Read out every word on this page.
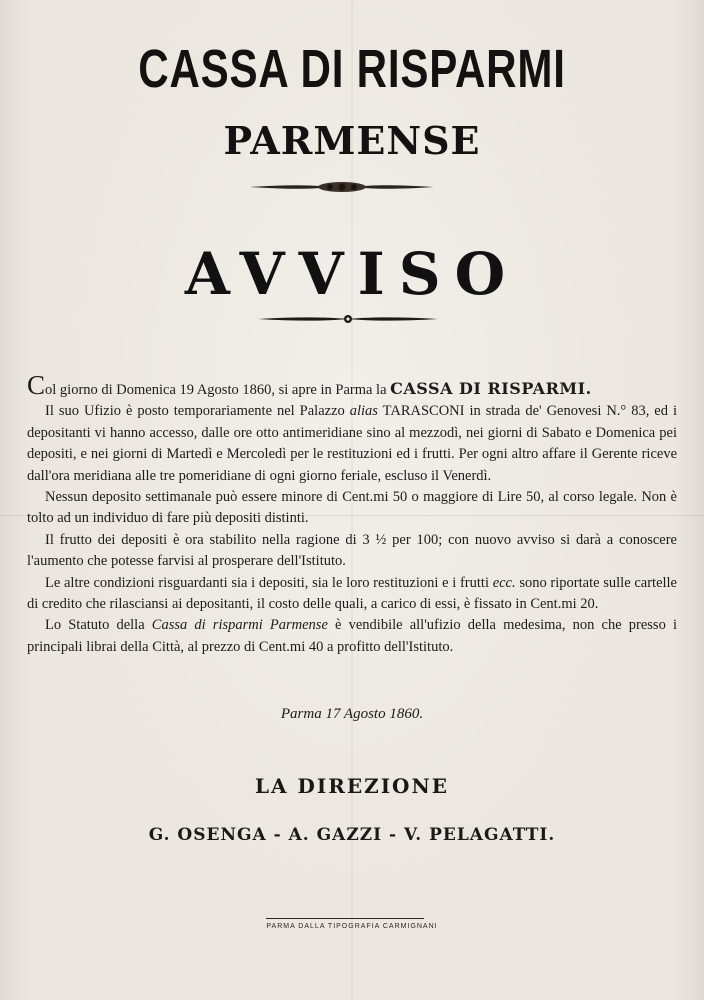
CASSA DI RISPARMI
PARMENSE
AVVISO

Col giorno di Domenica 19 Agosto 1860, si apre in Parma la CASSA DI RISPARMI.

Il suo Ufizio è posto temporariamente nel Palazzo alias TARASCONI in strada de' Genovesi N.° 83, ed i depositanti vi hanno accesso, dalle ore otto antimeridiane sino al mezzodì, nei giorni di Sabato e Domenica pei depositi, e nei giorni di Martedì e Mercoledì per le restituzioni ed i frutti. Per ogni altro affare il Gerente riceve dall'ora meridiana alle tre pomeridiane di ogni giorno feriale, escluso il Venerdì.

Nessun deposito settimanale può essere minore di Cent.mi 50 o maggiore di Lire 50, al corso legale. Non è tolto ad un individuo di fare più depositi distinti.

Il frutto dei depositi è ora stabilito nella ragione di 3 ½ per 100; con nuovo avviso si darà a conoscere l'aumento che potesse farvisi al prosperare dell'Istituto.

Le altre condizioni risguardanti sia i depositi, sia le loro restituzioni e i frutti ecc. sono riportate sulle cartelle di credito che rilasciansi ai depositanti, il costo delle quali, a carico di essi, è fissato in Cent.mi 20.

Lo Statuto della Cassa di risparmi Parmense è vendibile all'ufizio della medesima, non che presso i principali librai della Città, al prezzo di Cent.mi 40 a profitto dell'Istituto.

Parma 17 Agosto 1860.
LA DIREZIONE
G. OSENGA - A. GAZZI - V. PELAGATTI.
PARMA DALLA TIPOGRAFIA CARMIGNANI
